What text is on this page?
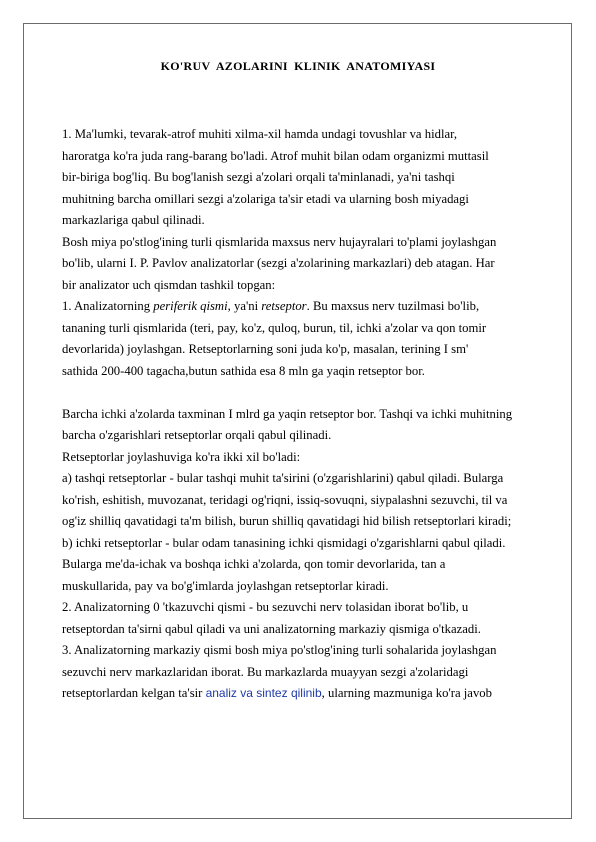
KO'RUV AZOLARINI KLINIK ANATOMIYASI
1. Ma'lumki, tevarak-atrof muhiti xilma-xil hamda undagi tovushlar va hidlar,
haroratga ko'ra juda rang-barang bo'ladi. Atrof muhit bilan odam organizmi muttasil
bir-biriga bog'liq. Bu bog'lanish sezgi a'zolari orqali ta'minlanadi, ya'ni tashqi
muhitning barcha omillari sezgi a'zolariga ta'sir etadi va ularning bosh miyadagi
markazlariga qabul qilinadi.
Bosh miya po'stlog'ining turli qismlarida maxsus nerv hujayralari to'plami joylashgan
bo'lib, ularni I. P. Pavlov analizatorlar (sezgi a'zolarining markazlari) deb atagan. Har
bir analizator uch qismdan tashkil topgan:
1. Analizatorning periferik qismi, ya'ni retseptor. Bu maxsus nerv tuzilmasi bo'lib,
tananing turli qismlarida (teri, pay, ko'z, quloq, burun, til, ichki a'zolar va qon tomir
devorlarida) joylashgan. Retseptorlarning soni juda ko'p, masalan, terining I sm'
sathida 200-400 tagacha,butun sathida esa 8 mln ga yaqin retseptor bor.
Barcha ichki a'zolarda taxminan I mlrd ga yaqin retseptor bor. Tashqi va ichki muhitning
barcha o'zgarishlari retseptorlar orqali qabul qilinadi.
Retseptorlar joylashuviga ko'ra ikki xil bo'ladi:
a) tashqi retseptorlar - bular tashqi muhit ta'sirini (o'zgarishlarini) qabul qiladi. Bularga
ko'rish, eshitish, muvozanat, teridagi og'riqni, issiq-sovuqni, siypalashni sezuvchi, til va
og'iz shilliq qavatidagi ta'm bilish, burun shilliq qavatidagi hid bilish retseptorlari kiradi;
b) ichki retseptorlar - bular odam tanasining ichki qismidagi o'zgarishlarni qabul qiladi.
Bularga me'da-ichak va boshqa ichki a'zolarda, qon tomir devorlarida, tan a
muskullarida, pay va bo'g'imlarda joylashgan retseptorlar kiradi.
2. Analizatorning 0 'tkazuvchi qismi - bu sezuvchi nerv tolasidan iborat bo'lib, u
retseptordan ta'sirni qabul qiladi va uni analizatorning markaziy qismiga o'tkazadi.
3. Analizatorning markaziy qismi bosh miya po'stlog'ining turli sohalarida joylashgan
sezuvchi nerv markazlaridan iborat. Bu markazlarda muayyan sezgi a'zolaridagi
retseptorlardan kelgan ta'sir analiz va sintez qilinib, ularning mazmuniga ko'ra javob
